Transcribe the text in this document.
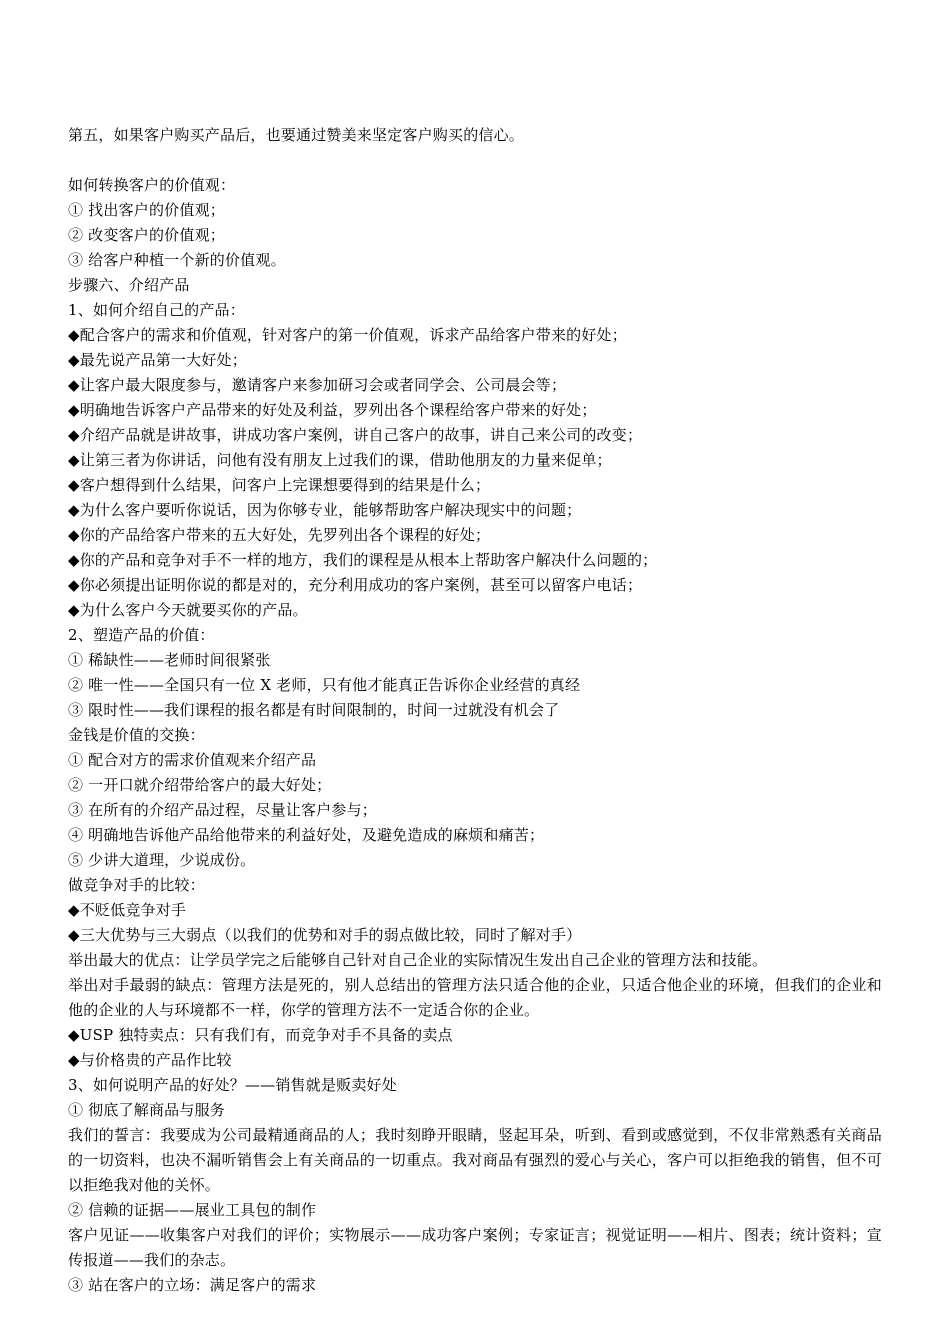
第五，如果客户购买产品后，也要通过赞美来坚定客户购买的信心。

如何转换客户的价值观：

① 找出客户的价值观；

② 改变客户的价值观；

③ 给客户种植一个新的价值观。

步骤六、介绍产品

1、如何介绍自己的产品：

◆配合客户的需求和价值观，针对客户的第一价值观，诉求产品给客户带来的好处；

◆最先说产品第一大好处；

◆让客户最大限度参与，邀请客户来参加研习会或者同学会、公司晨会等；

◆明确地告诉客户产品带来的好处及利益，罗列出各个课程给客户带来的好处；

◆介绍产品就是讲故事，讲成功客户案例，讲自己客户的故事，讲自己来公司的改变；

◆让第三者为你讲话，问他有没有朋友上过我们的课，借助他朋友的力量来促单；

◆客户想得到什么结果，问客户上完课想要得到的结果是什么；

◆为什么客户要听你说话，因为你够专业，能够帮助客户解决现实中的问题；

◆你的产品给客户带来的五大好处，先罗列出各个课程的好处；

◆你的产品和竞争对手不一样的地方，我们的课程是从根本上帮助客户解决什么问题的；

◆你必须提出证明你说的都是对的，充分利用成功的客户案例，甚至可以留客户电话；

◆为什么客户今天就要买你的产品。

2、塑造产品的价值：

① 稀缺性——老师时间很紧张

② 唯一性——全国只有一位 X 老师，只有他才能真正告诉你企业经营的真经

③ 限时性——我们课程的报名都是有时间限制的，时间一过就没有机会了

金钱是价值的交换：

① 配合对方的需求价值观来介绍产品

② 一开口就介绍带给客户的最大好处；

③ 在所有的介绍产品过程，尽量让客户参与；

④ 明确地告诉他产品给他带来的利益好处，及避免造成的麻烦和痛苦；

⑤ 少讲大道理，少说成份。

做竞争对手的比较：

◆不贬低竞争对手

◆三大优势与三大弱点（以我们的优势和对手的弱点做比较，同时了解对手）

举出最大的优点：让学员学完之后能够自己针对自己企业的实际情况生发出自己企业的管理方法和技能。

举出对手最弱的缺点：管理方法是死的，别人总结出的管理方法只适合他的企业，只适合他企业的环境，但我们的企业和他的企业的人与环境都不一样，你学的管理方法不一定适合你的企业。

◆USP 独特卖点：只有我们有，而竞争对手不具备的卖点

◆与价格贵的产品作比较

3、如何说明产品的好处？——销售就是贩卖好处

① 彻底了解商品与服务

我们的誓言：我要成为公司最精通商品的人；我时刻睁开眼睛，竖起耳朵，听到、看到或感觉到，不仅非常熟悉有关商品的一切资料，也决不漏听销售会上有关商品的一切重点。我对商品有强烈的爱心与关心，客户可以拒绝我的销售，但不可以拒绝我对他的关怀。

② 信赖的证据——展业工具包的制作

客户见证——收集客户对我们的评价；实物展示——成功客户案例；专家证言；视觉证明——相片、图表；统计资料；宣传报道——我们的杂志。

③ 站在客户的立场：满足客户的需求
